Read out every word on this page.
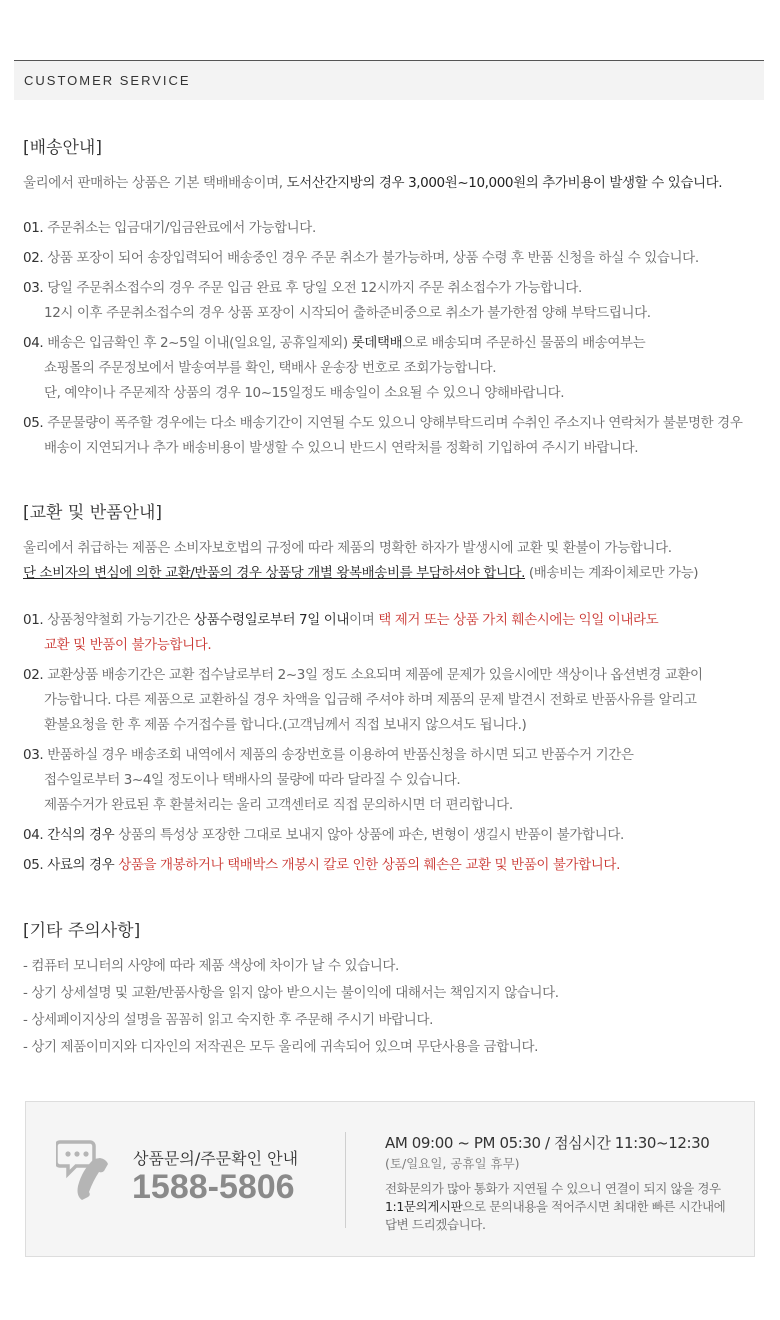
CUSTOMER SERVICE
[배송안내]
울리에서 판매하는 상품은 기본 택배배송이며, 도서산간지방의 경우 3,000원~10,000원의 추가비용이 발생할 수 있습니다.
01. 주문취소는 입금대기/입금완료에서 가능합니다.
02. 상품 포장이 되어 송장입력되어 배송중인 경우 주문 취소가 불가능하며, 상품 수령 후 반품 신청을 하실 수 있습니다.
03. 당일 주문취소접수의 경우 주문 입금 완료 후 당일 오전 12시까지 주문 취소접수가 가능합니다.
12시 이후 주문취소접수의 경우 상품 포장이 시작되어 출하준비중으로 취소가 불가한점 양해 부탁드립니다.
04. 배송은 입금확인 후 2~5일 이내(일요일, 공휴일제외) 롯데택배으로 배송되며 주문하신 물품의 배송여부는
쇼핑몰의 주문정보에서 발송여부를 확인, 택배사 운송장 번호로 조회가능합니다.
단, 예약이나 주문제작 상품의 경우 10~15일정도 배송일이 소요될 수 있으니 양해바랍니다.
05. 주문물량이 폭주할 경우에는 다소 배송기간이 지연될 수도 있으니 양해부탁드리며 수취인 주소지나 연락처가 불분명한 경우
배송이 지연되거나 추가 배송비용이 발생할 수 있으니 반드시 연락처를 정확히 기입하여 주시기 바랍니다.
[교환 및 반품안내]
울리에서 취급하는 제품은 소비자보호법의 규정에 따라 제품의 명확한 하자가 발생시에 교환 및 환불이 가능합니다.
단 소비자의 변심에 의한 교환/반품의 경우 상품당 개별 왕복배송비를 부담하셔야 합니다. (배송비는 계좌이체로만 가능)
01. 상품청약철회 가능기간은 상품수령일로부터 7일 이내이며 택 제거 또는 상품 가치 훼손시에는 익일 이내라도
교환 및 반품이 불가능합니다.
02. 교환상품 배송기간은 교환 접수날로부터 2~3일 정도 소요되며 제품에 문제가 있을시에만 색상이나 옵션변경 교환이
가능합니다. 다른 제품으로 교환하실 경우 차액을 입금해 주셔야 하며 제품의 문제 발견시 전화로 반품사유를 알리고
환불요청을 한 후 제품 수거접수를 합니다.(고객님께서 직접 보내지 않으셔도 됩니다.)
03. 반품하실 경우 배송조회 내역에서 제품의 송장번호를 이용하여 반품신청을 하시면 되고 반품수거 기간은
접수일로부터 3~4일 정도이나 택배사의 물량에 따라 달라질 수 있습니다.
제품수거가 완료된 후 환불처리는 울리 고객센터로 직접 문의하시면 더 편리합니다.
04. 간식의 경우 상품의 특성상 포장한 그대로 보내지 않아 상품에 파손, 변형이 생길시 반품이 불가합니다.
05. 사료의 경우 상품을 개봉하거나 택배박스 개봉시 칼로 인한 상품의 훼손은 교환 및 반품이 불가합니다.
[기타 주의사항]
- 컴퓨터 모니터의 사양에 따라 제품 색상에 차이가 날 수 있습니다.
- 상기 상세설명 및 교환/반품사항을 읽지 않아 받으시는 불이익에 대해서는 책임지지 않습니다.
- 상세페이지상의 설명을 꼼꼼히 읽고 숙지한 후 주문해 주시기 바랍니다.
- 상기 제품이미지와 디자인의 저작권은 모두 울리에 귀속되어 있으며 무단사용을 금합니다.
상품문의/주문확인 안내
1588-5806
AM 09:00 ~ PM 05:30 / 점심시간 11:30~12:30
(토/일요일, 공휴일 휴무)
전화문의가 많아 통화가 지연될 수 있으니 연결이 되지 않을 경우
1:1문의게시판으로 문의내용을 적어주시면 최대한 빠른 시간내에
답변 드리겠습니다.
